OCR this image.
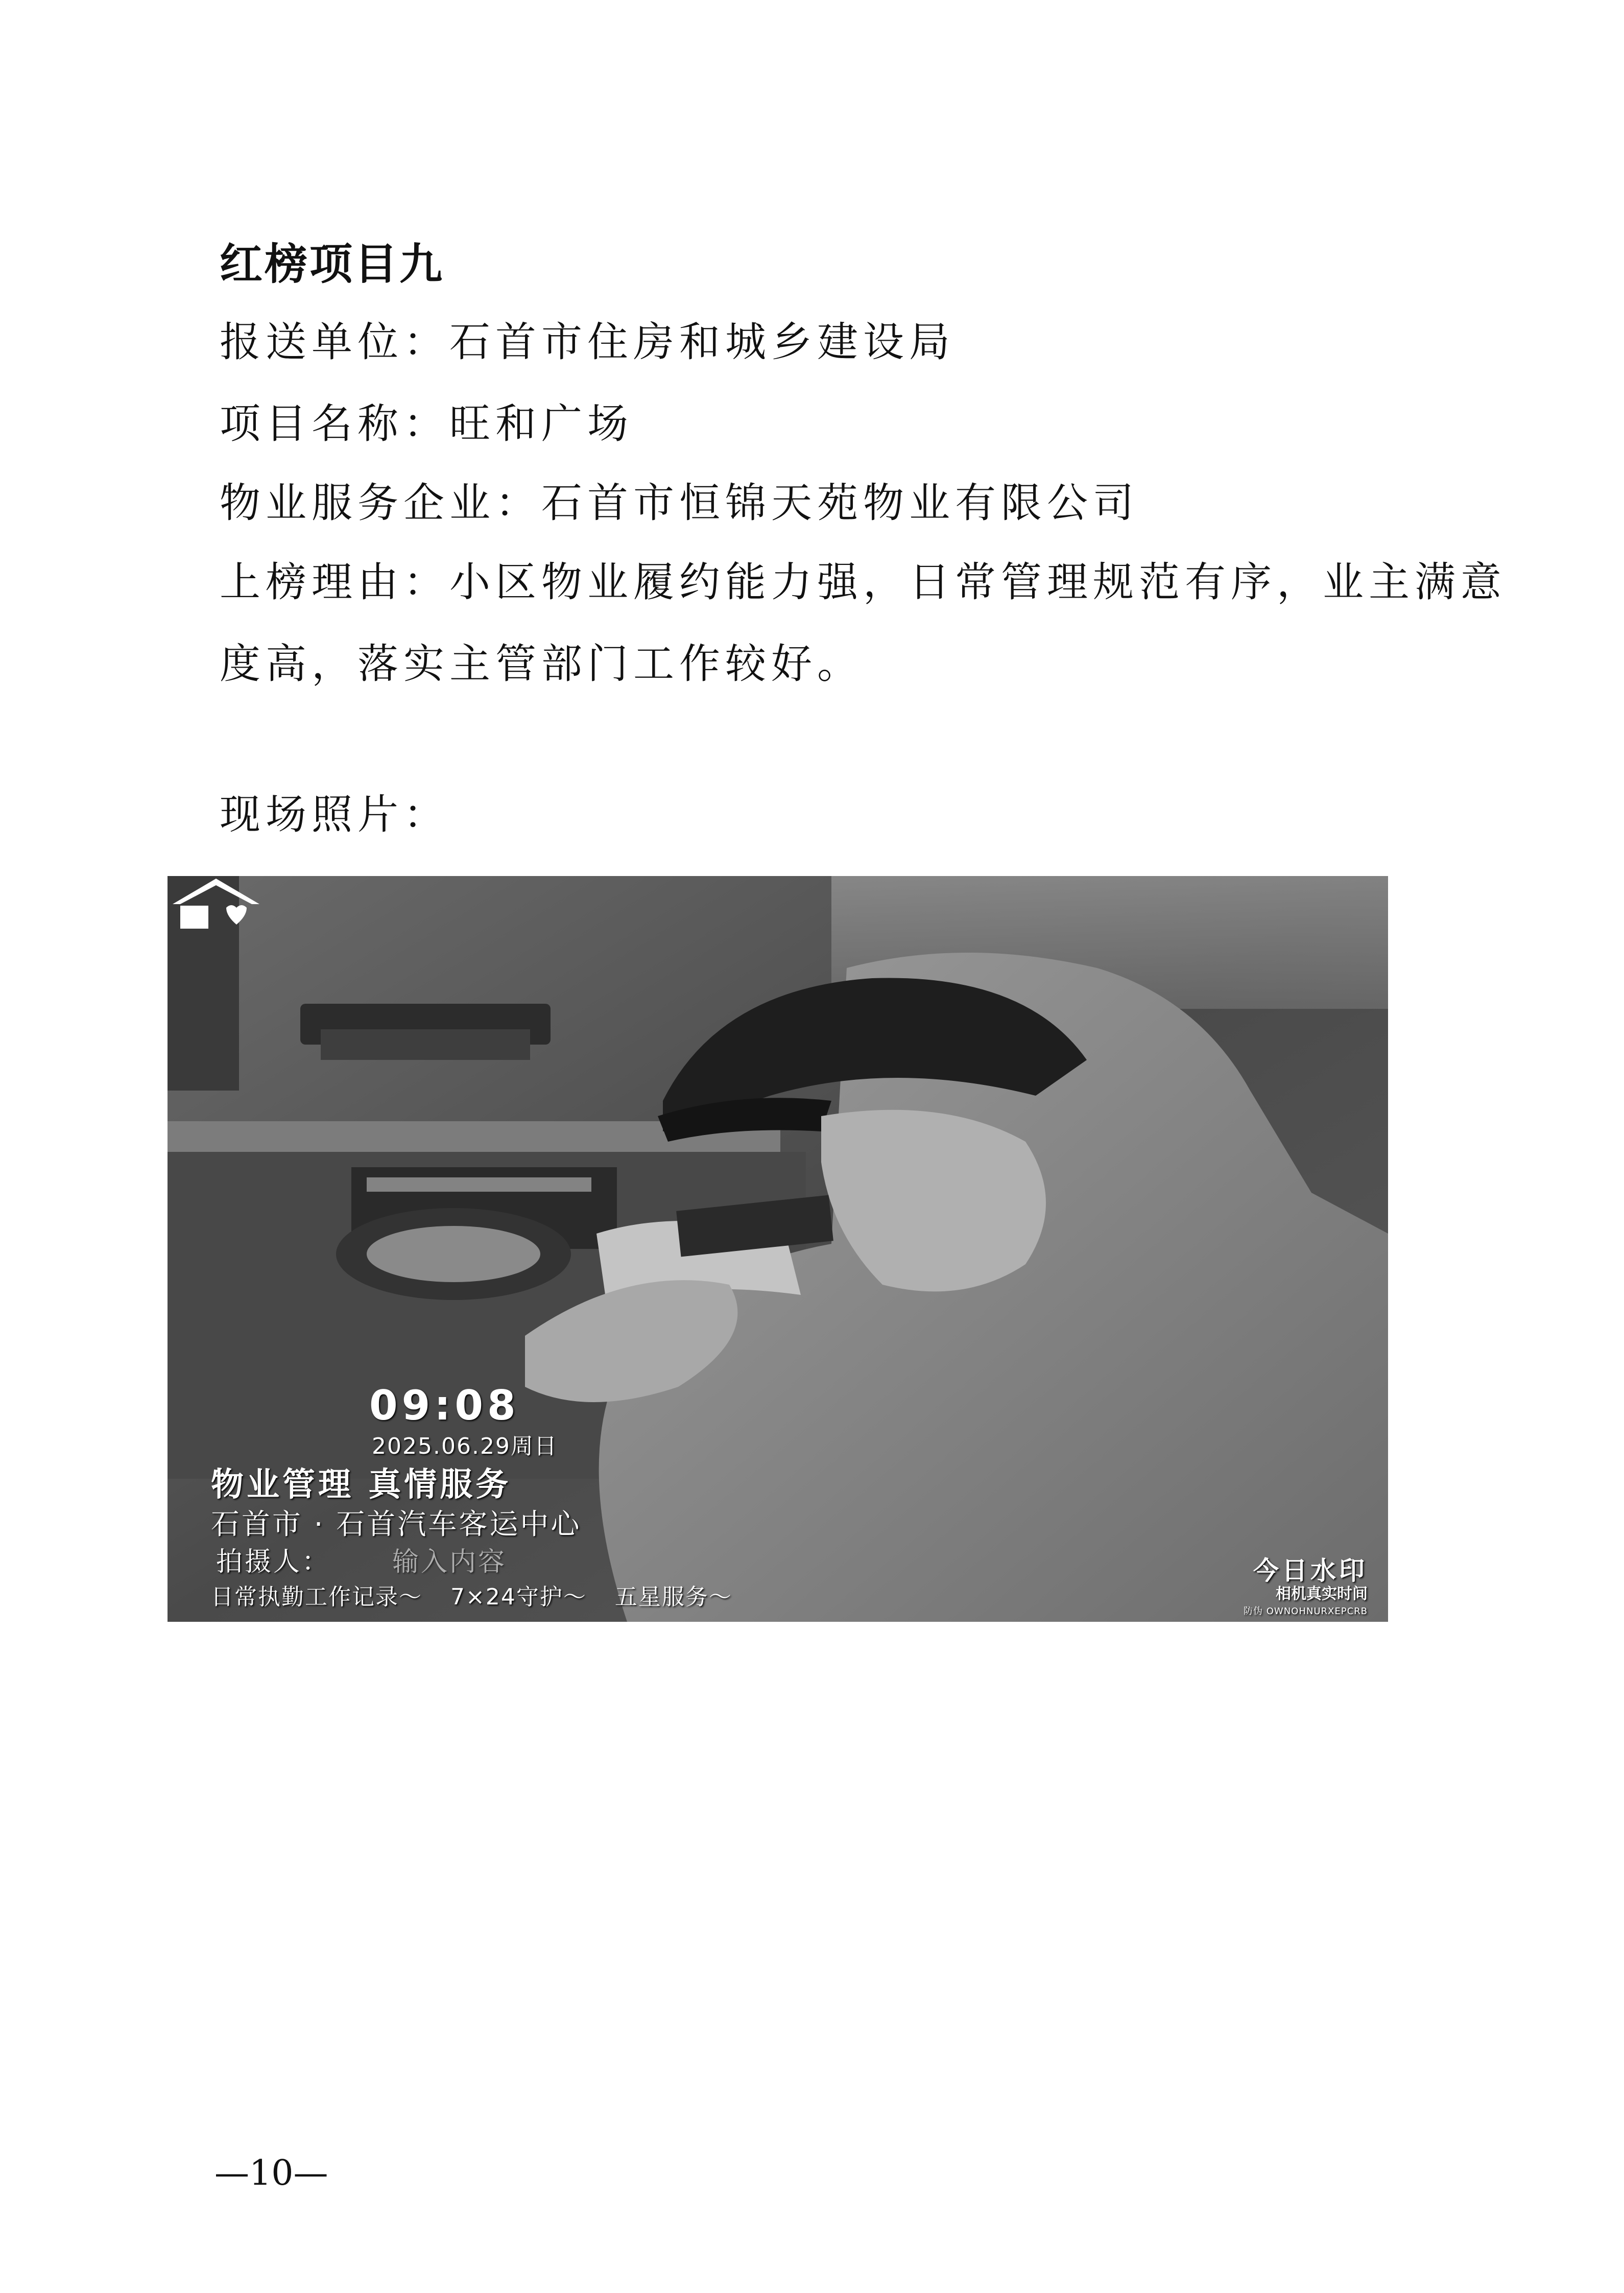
红榜项目九
报送单位：石首市住房和城乡建设局
项目名称：旺和广场
物业服务企业：石首市恒锦天苑物业有限公司
上榜理由：小区物业履约能力强，日常管理规范有序，业主满意
度高，落实主管部门工作较好。
现场照片：
09:08
2025.06.29周日
物业管理 真情服务
石首市 · 石首汽车客运中心
拍摄人： 输入内容
日常执勤工作记录～ 7×24守护～ 五星服务～
今日水印
相机真实时间
防伪 OWNOHNURXEPCRB
—10—
